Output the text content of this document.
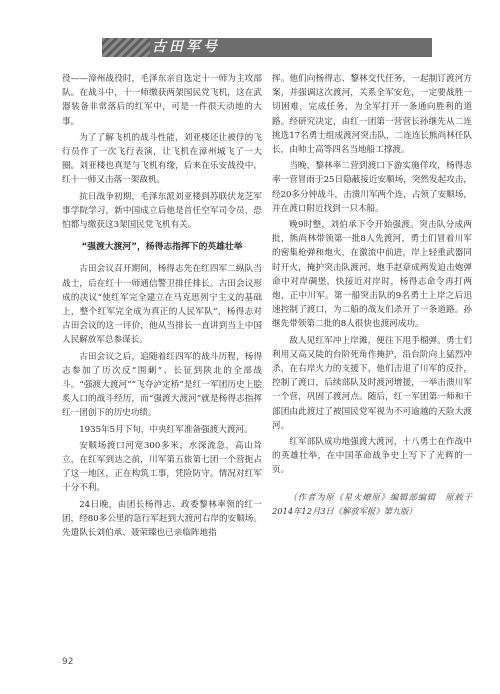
古田军号

役——漳州战役时，毛泽东亲自选定十一师为主攻部队。在战斗中，十一师缴获两架国民党飞机，这在武器装备非常落后的红军中，可是一件很天动地的大事。

为了了解飞机的战斗性能，刘亚楼还让被俘的飞行员作了一次飞行表演，让飞机在漳州城飞了一大圈。刘亚楼也真是与飞机有缘，后来在乐安战役中，红十一师又击落一架敌机。

抗日战争初期，毛泽东派刘亚楼到苏联伏龙芝军事学院学习，新中国成立后他是首任空军司令员，恐怕都与缴获这3架国民党飞机有关。

“强渡大渡河”，杨得志指挥下的英雄壮举

古田会议召开期间，杨得志先在红四军二纵队当战士，后在红十一师通信警卫排任排长。古田会议形成的决议“使红军完全建立在马克思列宁主义的基础上，整个红军完全成为真正的人民军队”，杨得志对古田会议的这一评价，他从当排长一直讲到当上中国人民解放军总参谋长。

古田会议之后，追随着红四军的战斗历程，杨得志参加了历次反“围剿”、长征到陕北的全部战斗。“强渡大渡河”“飞夺泸定桥”是红一军团历史上脍炙人口的战斗经历，而“强渡大渡河”就是杨得志指挥红一团创下的历史功绩。

1935年5月下旬，中央红军准备强渡大渡河。

安顺场渡口河宽300多米，水深流急，高山耸立，在红军到达之前，川军第五旅第七团一个营扼占了这一地区，正在构筑工事，凭险防守。情况对红军十分不利。

24日晚，由团长杨得志、政委黎林率领的红一团，经80多公里的急行军赶到大渡河右岸的安顺场。先遣队长刘伯承、聂荣臻也已亲临阵地指

挥。他们向杨得志、黎林交代任务，一起制订渡河方案，并强调这次渡河，关系全军安危，一定要战胜一切困难，完成任务，为全军打开一条通向胜利的道路。经研究决定，由红一团第一营营长孙继先从二连挑选17名勇士组成渡河突击队，二连连长熊尚林任队长，由帅士高等四名当地船工撑渡。

当晚，黎林率二营到渡口下游实施佯攻，杨得志率一营冒雨于25日隐蔽接近安顺场，突然发起攻击，经20多分钟战斗，击溃川军两个连，占领了安顺场，并在渡口附近找到一只木船。

晚9时整，刘伯承下令开始强渡。突击队分成两批，熊尚林带领第一批8人先渡河，勇士们冒着川军的密集枪弹和炮火，在激流中前进，岸上轻重武器同时开火，掩护突击队渡河，炮手赵章成两发迫击炮弹命中对岸碉堡，快接近对岸时，杨得志命令再打两炮，正中川军。第一船突击队的9名勇士上岸之后迅速控制了渡口，为二船的战友们杀开了一条道路。孙继先带领第二批的8人很快也渡河成功。

敌人见红军冲上岸滩，便往下甩手榴弹。勇士们利用又高又陡的台阶死角作掩护，沿台阶向上猛烈冲杀，在右岸火力的支援下，他们击退了川军的反扑，控制了渡口，后续部队及时渡河增援，一举击溃川军一个营，巩固了渡河点。随后，红一军团第一师和干部团由此渡过了被国民党军视为不可逾越的天险大渡河。

红军部队成功地强渡大渡河，十八勇士在作战中的英雄壮举，在中国革命战争史上写下了光辉的一页。

（作者为原《星火燎原》编辑部编辑　原载于2014年12月3日《解放军报》第九版）

92
